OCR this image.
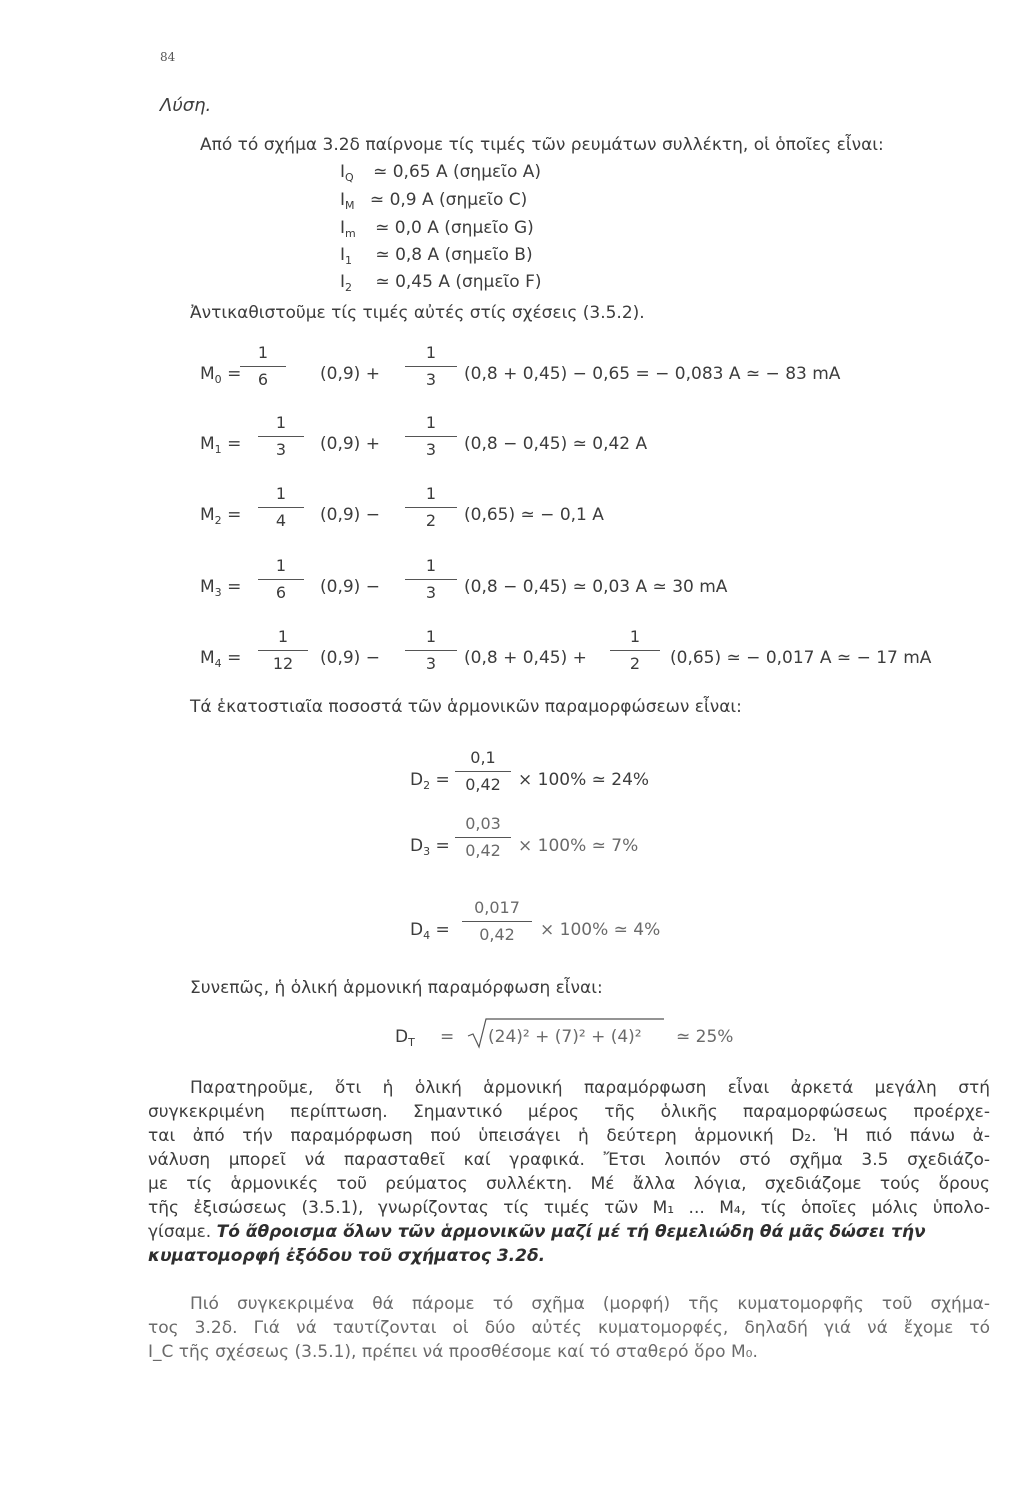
84
Λύση.
Από τό σχήμα 3.2δ παίρνομε τίς τιμές τῶν ρευμάτων συλλέκτη, οἱ ὁποῖες εἶναι:
$I_Q$ ≃ 0,65 A (σημεῖο A)
$I_M$ ≃ 0,9 A (σημεῖο C)
$I_m$ ≃ 0,0 A (σημεῖο G)
$I_1$ ≃ 0,8 A (σημεῖο B)
$I_2$ ≃ 0,45 A (σημεῖο F)
Ἀντικαθιστοῦμε τίς τιμές αὐτές στίς σχέσεις (3.5.2).
$M_0$ =
1
6	(0,9) +
1
3 (0,8 + 0,45) − 0,65 = − 0,083 A ≃ − 83 mA
$M_1$ =
1
3 (0,9) +
1
3 (0,8 − 0,45) ≃ 0,42 A
$M_2$ =
1
4 (0,9) −
1
2 (0,65) ≃ − 0,1 A
$M_3$ =
1
6 (0,9) −
1
3 (0,8 − 0,45) ≃ 0,03 A ≃ 30 mA
$M_4$ =
1
12 (0,9) −
1
3 (0,8 + 0,45) +
1
2 (0,65) ≃ − 0,017 A ≃ − 17 mA
Τά ἑκατοστιαῖα ποσοστά τῶν ἁρμονικῶν παραμορφώσεων εἶναι:
$D_2$ =
0,1
0,42 × 100% ≃ 24%
$D_3$ =
0,03
0,42 × 100% ≃ 7%
$D_4$ =
0,017
0,42 × 100% ≃ 4%
Συνεπῶς, ἡ ὁλική ἁρμονική παραμόρφωση εἶναι:
$D_T = (24)^2 + (7)^2 + (4)^2$ ≃ 25%
Παρατηροῦμε, ὅτι ἡ ὁλική ἁρμονική παραμόρφωση εἶναι ἀρκετά μεγάλη στή
συγκεκριμένη περίπτωση. Σημαντικό μέρος τῆς ὁλικῆς παραμορφώσεως προέρχε-
ται ἀπό τήν παραμόρφωση πού ὑπεισάγει ἡ δεύτερη ἁρμονική D₂. Ἡ πιό πάνω ἀ-
νάλυση μπορεῖ νά παρασταθεῖ καί γραφικά. Ἔτσι λοιπόν στό σχῆμα 3.5 σχεδιάζο-
με τίς ἁρμονικές τοῦ ρεύματος συλλέκτη. Μέ ἄλλα λόγια, σχεδιάζομε τούς ὅρους
τῆς ἐξισώσεως (3.5.1), γνωρίζοντας τίς τιμές τῶν M₁ ... M₄, τίς ὁποῖες μόλις ὑπολο-
γίσαμε. Τό ἄθροισμα ὅλων τῶν ἁρμονικῶν μαζί μέ τή θεμελιώδη θά μᾶς δώσει τήν
κυματομορφή ἐξόδου τοῦ σχήματος 3.2δ.
Πιό συγκεκριμένα θά πάρομε τό σχῆμα (μορφή) τῆς κυματομορφῆς τοῦ σχήμα-
τος 3.2δ. Γιά νά ταυτίζονται οἱ δύο αὐτές κυματομορφές, δηλαδή γιά νά ἔχομε τό
I_C τῆς σχέσεως (3.5.1), πρέπει νά προσθέσομε καί τό σταθερό ὅρο M₀.
